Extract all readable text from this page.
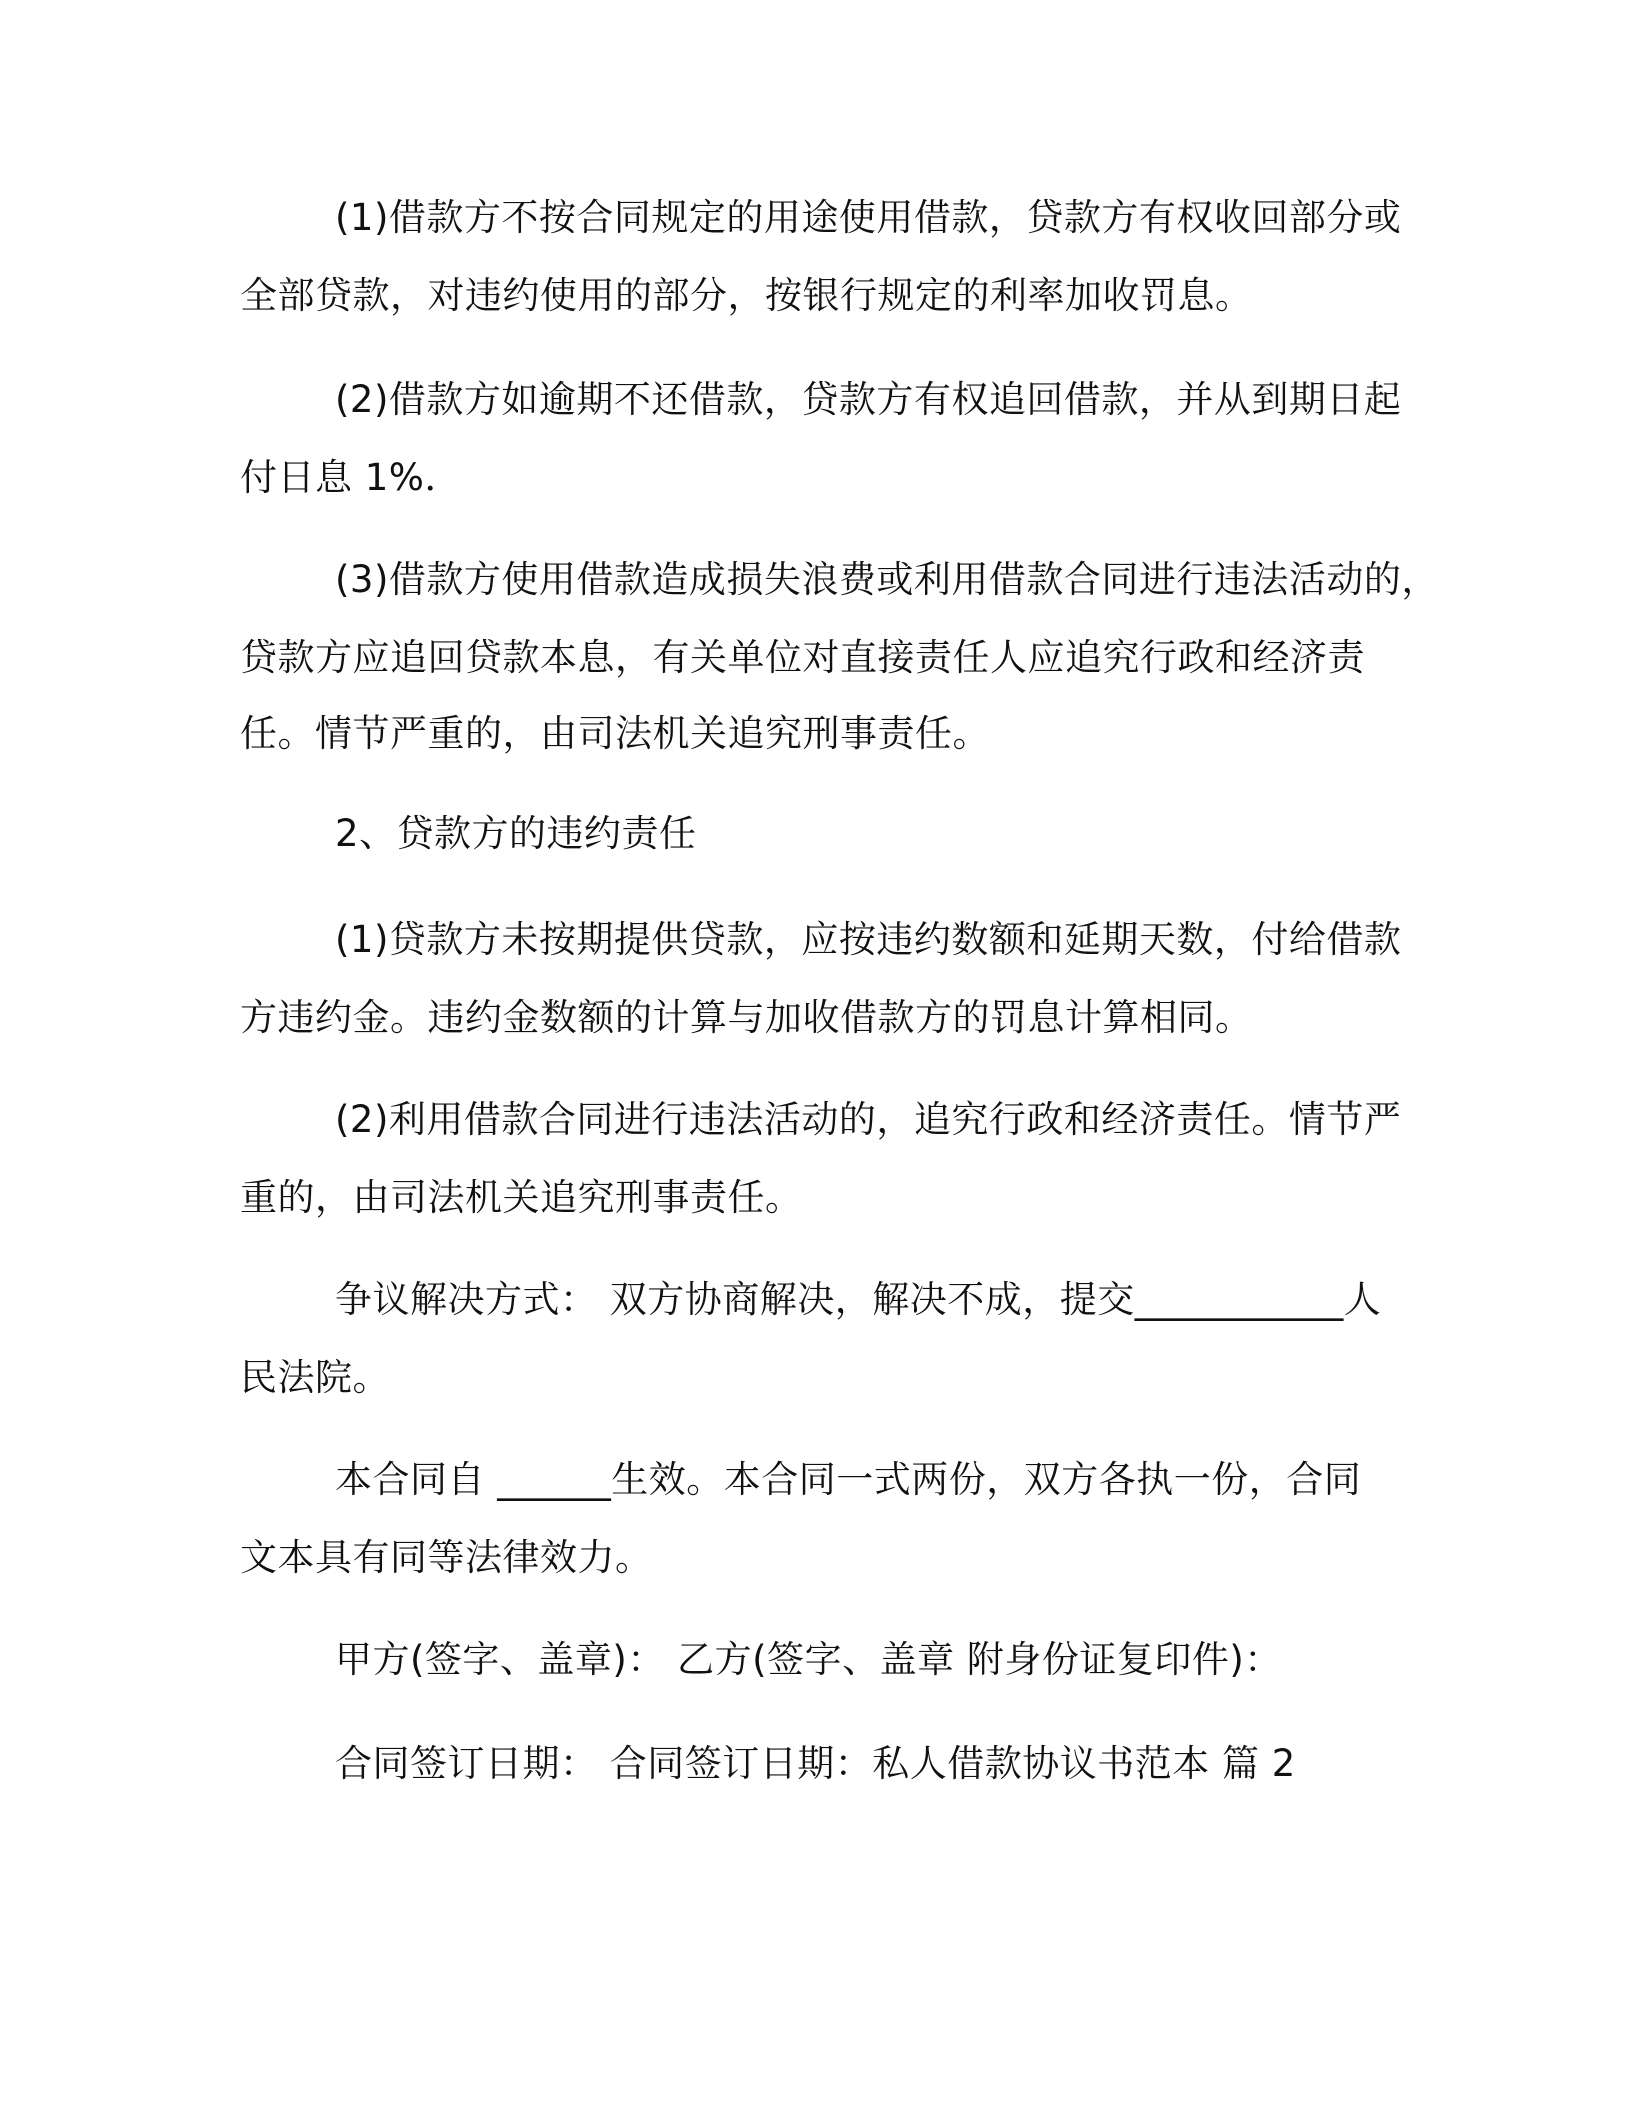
(1)借款方不按合同规定的用途使用借款，贷款方有权收回部分或
全部贷款，对违约使用的部分，按银行规定的利率加收罚息。
(2)借款方如逾期不还借款，贷款方有权追回借款，并从到期日起
付日息 1%．
(3)借款方使用借款造成损失浪费或利用借款合同进行违法活动的，
贷款方应追回贷款本息，有关单位对直接责任人应追究行政和经济责
任。情节严重的，由司法机关追究刑事责任。
2、贷款方的违约责任
(1)贷款方未按期提供贷款，应按违约数额和延期天数，付给借款
方违约金。违约金数额的计算与加收借款方的罚息计算相同。
(2)利用借款合同进行违法活动的，追究行政和经济责任。情节严
重的，由司法机关追究刑事责任。
争议解决方式： 双方协商解决，解决不成，提交___________人
民法院。
本合同自 ______生效。本合同一式两份，双方各执一份，合同
文本具有同等法律效力。
甲方(签字、盖章)： 乙方(签字、盖章 附身份证复印件)：
合同签订日期： 合同签订日期：私人借款协议书范本 篇 2
